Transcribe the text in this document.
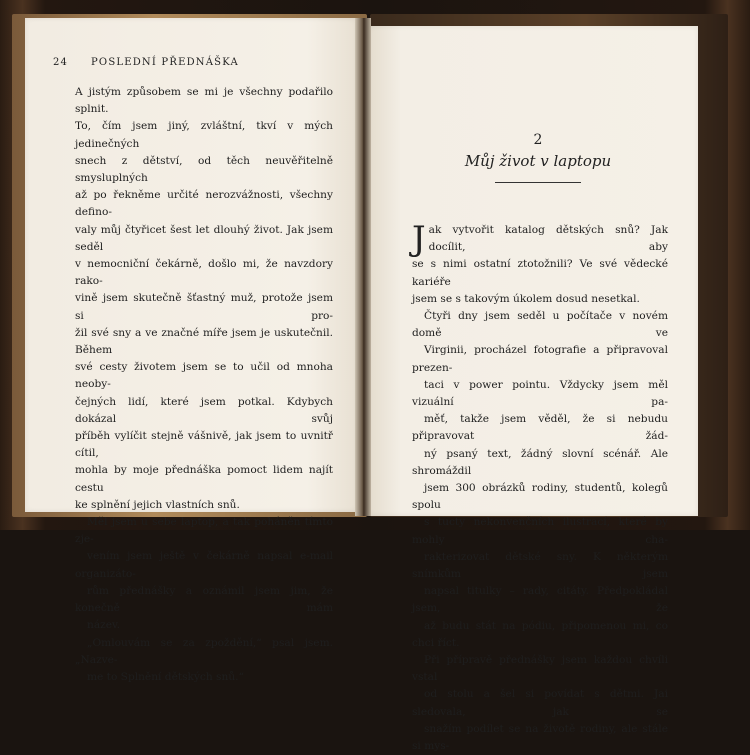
24 POSLEDNÍ PŘEDNÁŠKA

A jistým způsobem se mi je všechny podařilo splnit.
To, čím jsem jiný, zvláštní, tkví v mých jedinečných
snech z dětství, od těch neuvěřitelně smysluplných
až po řekněme určité nerozvážnosti, všechny defino-
valy můj čtyřicet šest let dlouhý život. Jak jsem seděl
v nemocniční čekárně, došlo mi, že navzdory rako-
vině jsem skutečně šťastný muž, protože jsem si pro-
žil své sny a ve značné míře jsem je uskutečnil. Během
své cesty životem jsem se to učil od mnoha neoby-
čejných lidí, které jsem potkal. Kdybych dokázal svůj
příběh vylíčit stejně vášnivě, jak jsem to uvnitř cítil,
mohla by moje přednáška pomoct lidem najít cestu
ke splnění jejich vlastních snů.

Měl jsem u sebe laptop, a tak poháněn tímto zje-
vením jsem ještě v čekárně napsal e-mail organizáto-
rům přednášky a oznámil jsem jim, že konečně mám
název.

„Omlouvám se za zpoždění,“ psal jsem. „Nazve-
me to Splnění dětských snů.“

2
Můj život v laptopu

J ak vytvořit katalog dětských snů? Jak docílit, aby
se s nimi ostatní ztotožnili? Ve své vědecké kariéře
jsem se s takovým úkolem dosud nesetkal.

Čtyři dny jsem seděl u počítače v novém domě ve
Virginii, procházel fotografie a připravoval prezen-
taci v power pointu. Vždycky jsem měl vizuální pa-
měť, takže jsem věděl, že si nebudu připravovat žád-
ný psaný text, žádný slovní scénář. Ale shromáždil
jsem 300 obrázků rodiny, studentů, kolegů spolu
s tucty nekonvenčních ilustrací, které by mohly cha-
rakterizovat dětské sny. K některým snímkům jsem
napsal titulky – rady, citáty. Předpokládal jsem, že
až budu stát na pódiu, připomenou mi, co chci říct.

Při přípravě přednášky jsem každou chvíli vstal
od stolu a šel si povídat s dětmi. Jai sledovala, jak se
snažím podílet se na životě rodiny, ale stále si mys-
